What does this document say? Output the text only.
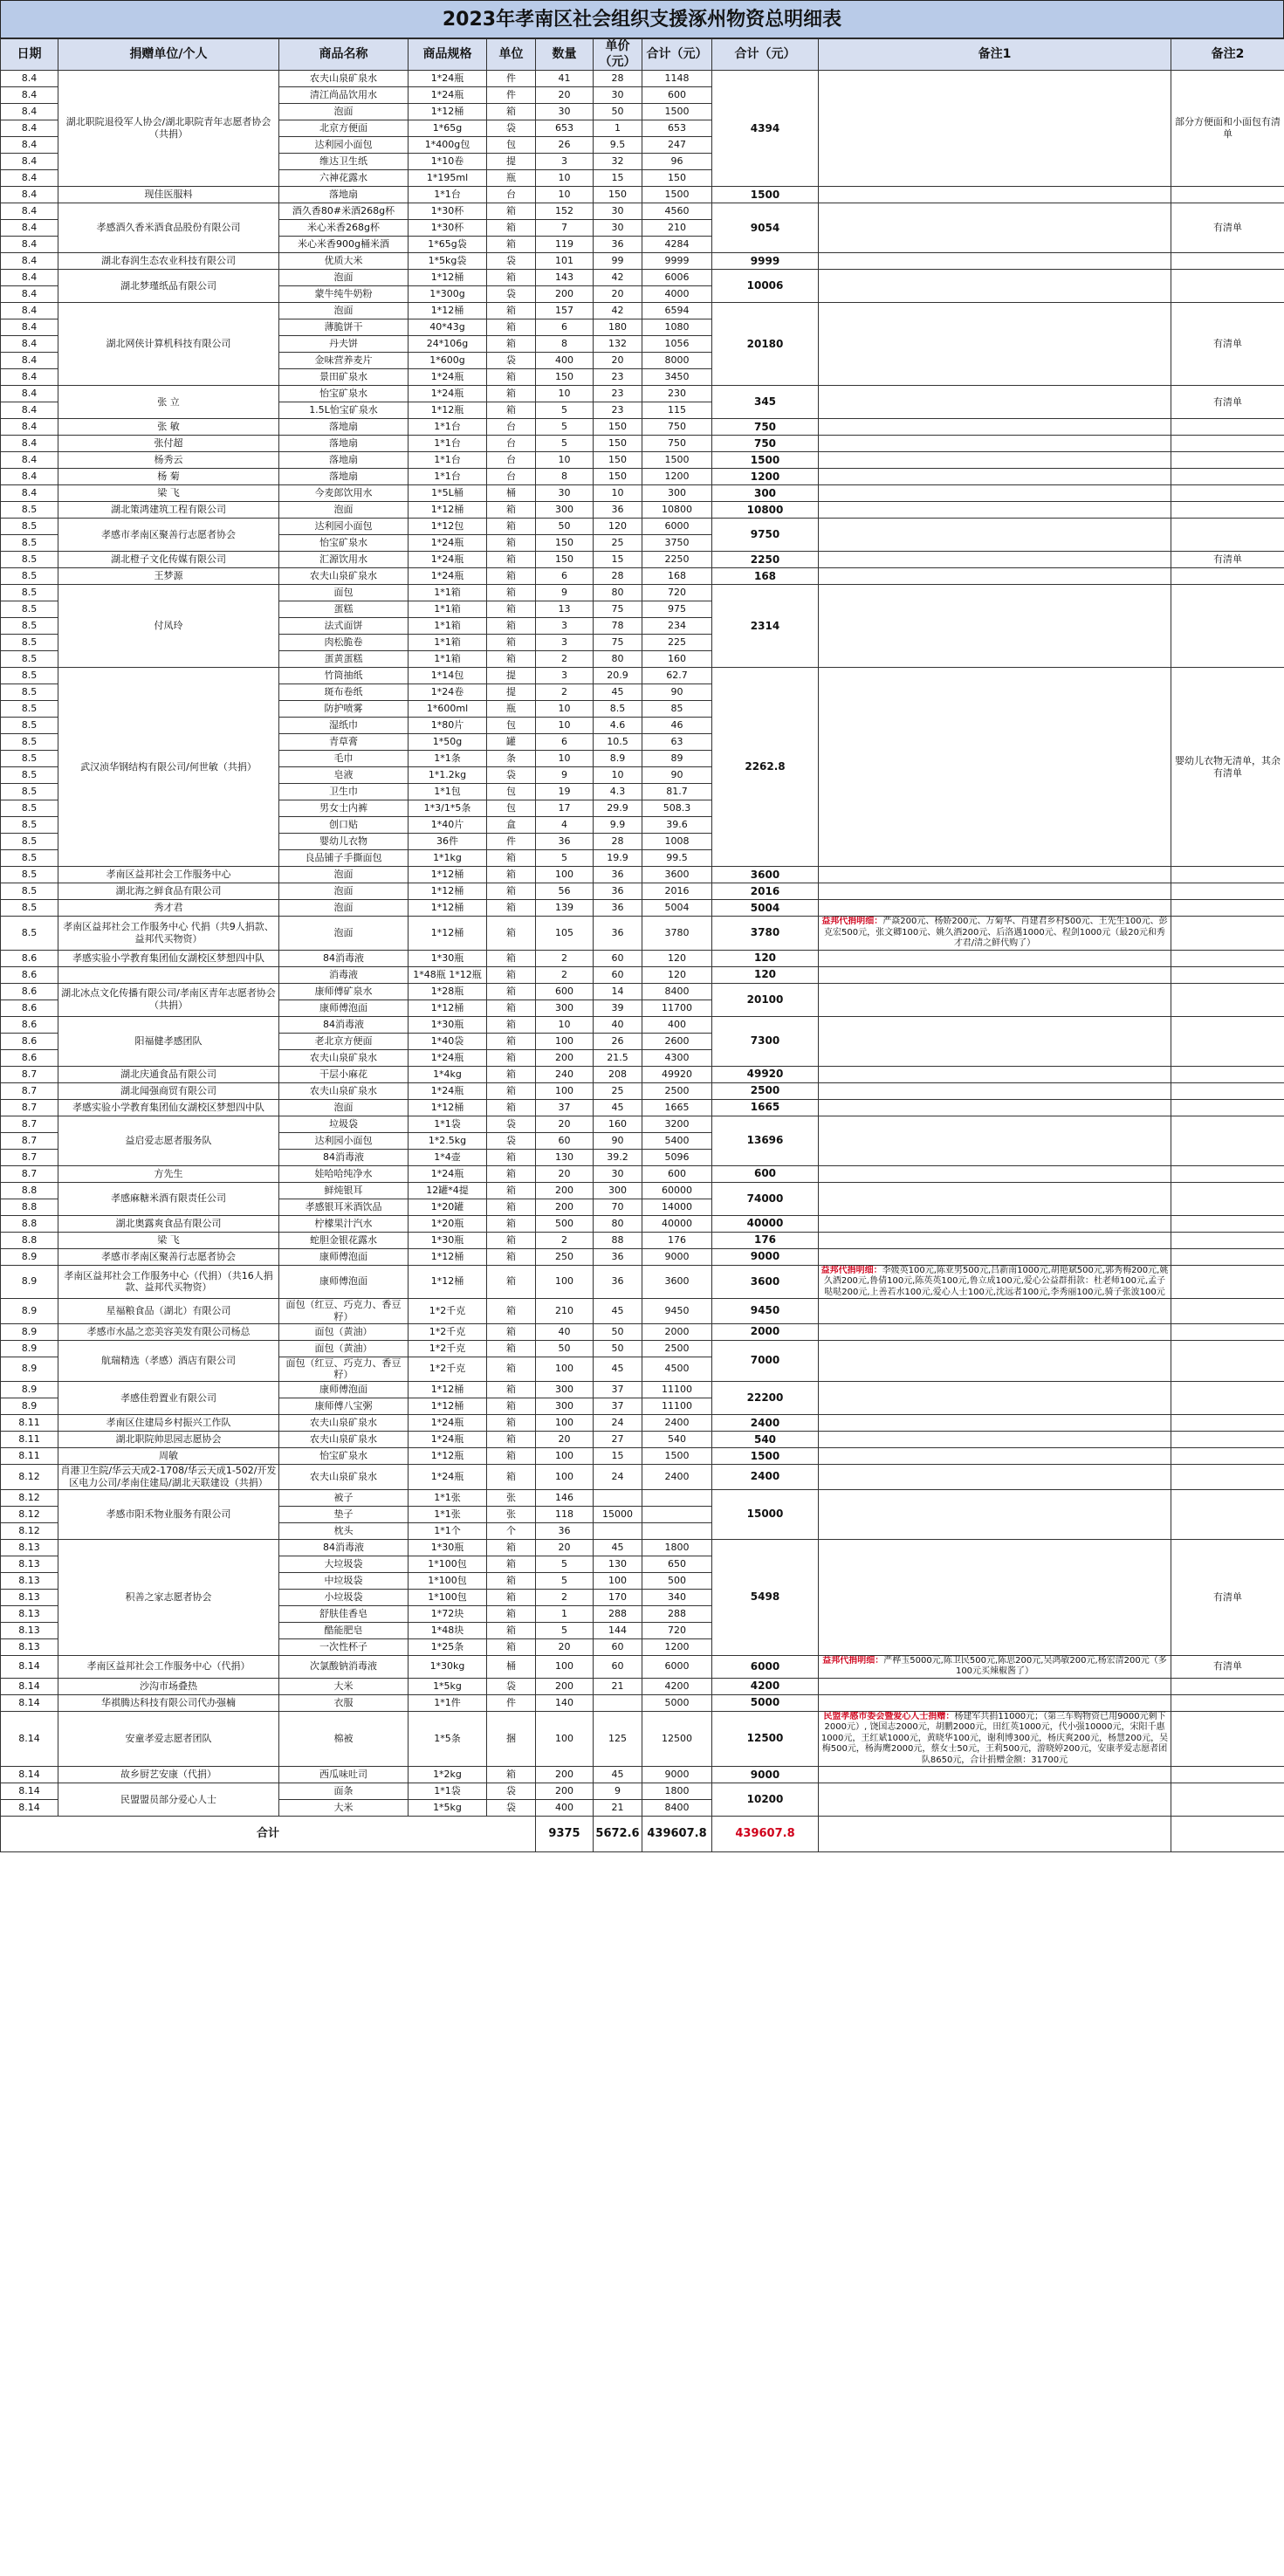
2023年孝南区社会组织支援涿州物资总明细表
日期	捐赠单位/个人	商品名称	商品规格	单位	数量	单价（元）	合计（元）	合计（元）	备注1	备注2
8.4	湖北职院退役军人协会/湖北职院青年志愿者协会（共捐）	农夫山泉矿泉水	1*24瓶	件	41	28	1148	4394		部分方便面和小面包有清单
8.4		清江尚品饮用水	1*24瓶	件	20	30	600			
8.4		泡面	1*12桶	箱	30	50	1500			
8.4		北京方便面	1*65g	袋	653	1	653			
8.4		达利园小面包	1*400g包	包	26	9.5	247			
8.4		维达卫生纸	1*10卷	提	3	32	96			
8.4		六神花露水	1*195ml	瓶	10	15	150			
8.4	现佳医服料	落地扇	1*1台	台	10	150	1500	1500		
8.4	孝感酒久香米酒食品股份有限公司	酒久香80#米酒268g杯	1*30杯	箱	152	30	4560	9054		有清单
8.4		米心米香268g杯	1*30杯	箱	7	30	210			
8.4		米心米香900g桶米酒	1*65g袋	箱	119	36	4284			
8.4	湖北春润生态农业科技有限公司	优质大米	1*5kg袋	袋	101	99	9999	9999		
8.4	湖北梦瑾纸品有限公司	泡面	1*12桶	箱	143	42	6006	10006		
8.4		蒙牛纯牛奶粉	1*300g	袋	200	20	4000			
8.4	湖北网侠计算机科技有限公司	泡面	1*12桶	箱	157	42	6594	20180		有清单
8.4		薄脆饼干	40*43g	箱	6	180	1080			
8.4		丹夫饼	24*106g	箱	8	132	1056			
8.4		金味营养麦片	1*600g	袋	400	20	8000			
8.4		景田矿泉水	1*24瓶	箱	150	23	3450			
8.4	张 立	怡宝矿泉水	1*24瓶	箱	10	23	230	345		有清单
8.4		1.5L怡宝矿泉水	1*12瓶	箱	5	23	115			
8.4	张 敏	落地扇	1*1台	台	5	150	750	750		
8.4	张付超	落地扇	1*1台	台	5	150	750	750		
8.4	杨秀云	落地扇	1*1台	台	10	150	1500	1500		
8.4	杨 菊	落地扇	1*1台	台	8	150	1200	1200		
8.4	梁 飞	今麦郎饮用水	1*5L桶	桶	30	10	300	300		
8.5	湖北策鸿建筑工程有限公司	泡面	1*12桶	箱	300	36	10800	10800		
8.5	孝感市孝南区聚善行志愿者协会	达利园小面包	1*12包	箱	50	120	6000	9750		
8.5		怡宝矿泉水	1*24瓶	箱	150	25	3750			
8.5	湖北橙子文化传媒有限公司	汇源饮用水	1*24瓶	箱	150	15	2250	2250		有清单
8.5	王梦源	农夫山泉矿泉水	1*24瓶	箱	6	28	168	168		
8.5	付凤玲	面包	1*1箱	箱	9	80	720	2314		
8.5		蛋糕	1*1箱	箱	13	75	975			
8.5		法式面饼	1*1箱	箱	3	78	234			
8.5		肉松脆卷	1*1箱	箱	3	75	225			
8.5		蛋黄蛋糕	1*1箱	箱	2	80	160			
8.5	武汉浈华钢结构有限公司/何世敏（共捐）	竹筒抽纸	1*14包	提	3	20.9	62.7	2262.8		婴幼儿衣物无清单，其余有清单
8.5		斑布卷纸	1*24卷	提	2	45	90			
8.5		防护喷雾	1*600ml	瓶	10	8.5	85			
8.5		湿纸巾	1*80片	包	10	4.6	46			
8.5		青草膏	1*50g	罐	6	10.5	63			
8.5		毛巾	1*1条	条	10	8.9	89			
8.5		皂液	1*1.2kg	袋	9	10	90			
8.5		卫生巾	1*1包	包	19	4.3	81.7			
8.5		男女士内裤	1*3/1*5条	包	17	29.9	508.3			
8.5		创口贴	1*40片	盒	4	9.9	39.6			
8.5		婴幼儿衣物	36件	件	36	28	1008			
8.5		良品铺子手撕面包	1*1kg	箱	5	19.9	99.5			
8.5	孝南区益邦社会工作服务中心	泡面	1*12桶	箱	100	36	3600	3600		
8.5	湖北海之鲜食品有限公司	泡面	1*12桶	箱	56	36	2016	2016		
8.5	秀才君	泡面	1*12桶	箱	139	36	5004	5004		
8.5	孝南区益邦社会工作服务中心 代捐（共9人捐款、益邦代买物资）	泡面	1*12桶	箱	105	36	3780	3780	益邦代捐明细：严焱200元、杨娇200元、万菊华、肖建君乡村500元、王先生100元、彭克宏500元，张文卿100元、姚久酒200元、后洛遇1000元、程剑1000元（最20元和秀才君/清之鲜代购了）	
8.6	孝感实验小学教育集团仙女湖校区梦想四中队	84消毒液	1*30瓶	箱	2	60	120	120		
8.6		消毒液	1*48瓶 1*12瓶	箱	2	60	120	120		
8.6	湖北冰点文化传播有限公司/孝南区青年志愿者协会（共捐）	康师傅矿泉水	1*28瓶	箱	600	14	8400	20100		
8.6		康师傅泡面	1*12桶	箱	300	39	11700			
8.6	阳福健孝感团队	84消毒液	1*30瓶	箱	10	40	400	7300		
8.6		老北京方便面	1*40袋	箱	100	26	2600			
8.6		农夫山泉矿泉水	1*24瓶	箱	200	21.5	4300			
8.7	湖北庆通食品有限公司	干层小麻花	1*4kg	箱	240	208	49920	49920		
8.7	湖北闻强商贸有限公司	农夫山泉矿泉水	1*24瓶	箱	100	25	2500	2500		
8.7	孝感实验小学教育集团仙女湖校区梦想四中队	泡面	1*12桶	箱	37	45	1665	1665		
8.7	益启爱志愿者服务队	垃圾袋	1*1袋	袋	20	160	3200	13696		
8.7		达利园小面包	1*2.5kg	袋	60	90	5400			
8.7		84消毒液	1*4壶	箱	130	39.2	5096			
8.7	方先生	娃哈哈纯净水	1*24瓶	箱	20	30	600	600		
8.8	孝感麻糖米酒有限责任公司	鲜炖银耳	12罐*4提	箱	200	300	60000	74000		
8.8		孝感银耳米酒饮品	1*20罐	箱	200	70	14000			
8.8	湖北奥露爽食品有限公司	柠檬果汁汽水	1*20瓶	箱	500	80	40000	40000		
8.8	梁 飞	蛇胆金银花露水	1*30瓶	箱	2	88	176	176		
8.9	孝感市孝南区聚善行志愿者协会	康师傅泡面	1*12桶	箱	250	36	9000	9000		
8.9	孝南区益邦社会工作服务中心（代捐）（共16人捐款、益邦代买物资）	康师傅泡面	1*12桶	箱	100	36	3600	3600	益邦代捐明细：李媛英100元,陈亚男500元,吕新南1000元,胡艳斌500元,郭秀梅200元,姚久酒200元,鲁倩100元,陈英英100元,鲁立成100元,爱心公益群捐款：杜老师100元,孟子哒哒200元,上善若水100元,爱心人士100元,沈远者100元,李秀丽100元,骑子张波100元	
8.9	星福粮食品（湖北）有限公司	面包（红豆、巧克力、香豆籽）	1*2千克	箱	210	45	9450	9450		
8.9	孝感市水晶之恋美容美发有限公司杨总	面包（黄油）	1*2千克	箱	40	50	2000	2000		
8.9	航瑞精选（孝感）酒店有限公司	面包（黄油）	1*2千克	箱	50	50	2500	7000		
8.9		面包（红豆、巧克力、香豆籽）	1*2千克	箱	100	45	4500			
8.9	孝感佳碧置业有限公司	康师傅泡面	1*12桶	箱	300	37	11100	22200		
8.9		康师傅八宝粥	1*12桶	箱	300	37	11100			
8.11	孝南区住建局乡村振兴工作队	农夫山泉矿泉水	1*24瓶	箱	100	24	2400	2400		
8.11	湖北职院帅思园志愿协会	农夫山泉矿泉水	1*24瓶	箱	20	27	540	540		
8.11	周敏	怡宝矿泉水	1*12瓶	箱	100	15	1500	1500		
8.12	肖港卫生院/华云天成2-1708/华云天成1-502/开发区电力公司/孝南住建局/湖北天联建设（共捐）	农夫山泉矿泉水	1*24瓶	箱	100	24	2400	2400		
8.12	孝感市阳禾物业服务有限公司	被子	1*1张	张	146			15000		
8.12		垫子	1*1张	张	118	15000				
8.12		枕头	1*1个	个	36					
8.13	积善之家志愿者协会	84消毒液	1*30瓶	箱	20	45	1800	5498		有清单
8.13		大垃圾袋	1*100包	箱	5	130	650			
8.13		中垃圾袋	1*100包	箱	5	100	500			
8.13		小垃圾袋	1*100包	箱	2	170	340			
8.13		舒肤佳香皂	1*72块	箱	1	288	288			
8.13		酷能肥皂	1*48块	箱	5	144	720			
8.13		一次性杯子	1*25条	箱	20	60	1200			
8.14	孝南区益邦社会工作服务中心（代捐）	次氯酸钠消毒液	1*30kg	桶	100	60	6000	6000	益邦代捐明细：严桦玉5000元,陈卫民500元,陈思200元,吴鸿敏200元,杨宏清200元（多100元买辣椒酱了）	有清单
8.14	沙沟市场叠热	大米	1*5kg	袋	200	21	4200	4200		
8.14	华祺腾达科技有限公司代办强楠	衣服	1*1件	件	140		5000	5000		
8.14	安童孝爱志愿者团队	棉被	1*5条	捆	100	125	12500	12500	民盟孝感市委会暨爱心人士捐赠：杨建军共捐11000元；（第三车购物资已用9000元剩下2000元）, 饶国志2000元，胡鹏2000元，田红英1000元，代小强10000元，宋阳千惠1000元，王红斌1000元，黄晓华100元，谢利博300元，杨庆爽200元，杨慧200元，吴梅500元，杨海鹰2000元，蔡女士50元，王莉500元，游晓婷200元，安康孝爱志愿者团队8650元，合计捐赠金额：31700元	
8.14	故乡厨艺安康（代捐）	西瓜味吐司	1*2kg	箱	200	45	9000	9000		
8.14	民盟盟员部分爱心人士	面条	1*1袋	袋	200	9	1800	10200		
8.14		大米	1*5kg	袋	400	21	8400			
合计					9375	5672.6	439607.8	439607.8		
